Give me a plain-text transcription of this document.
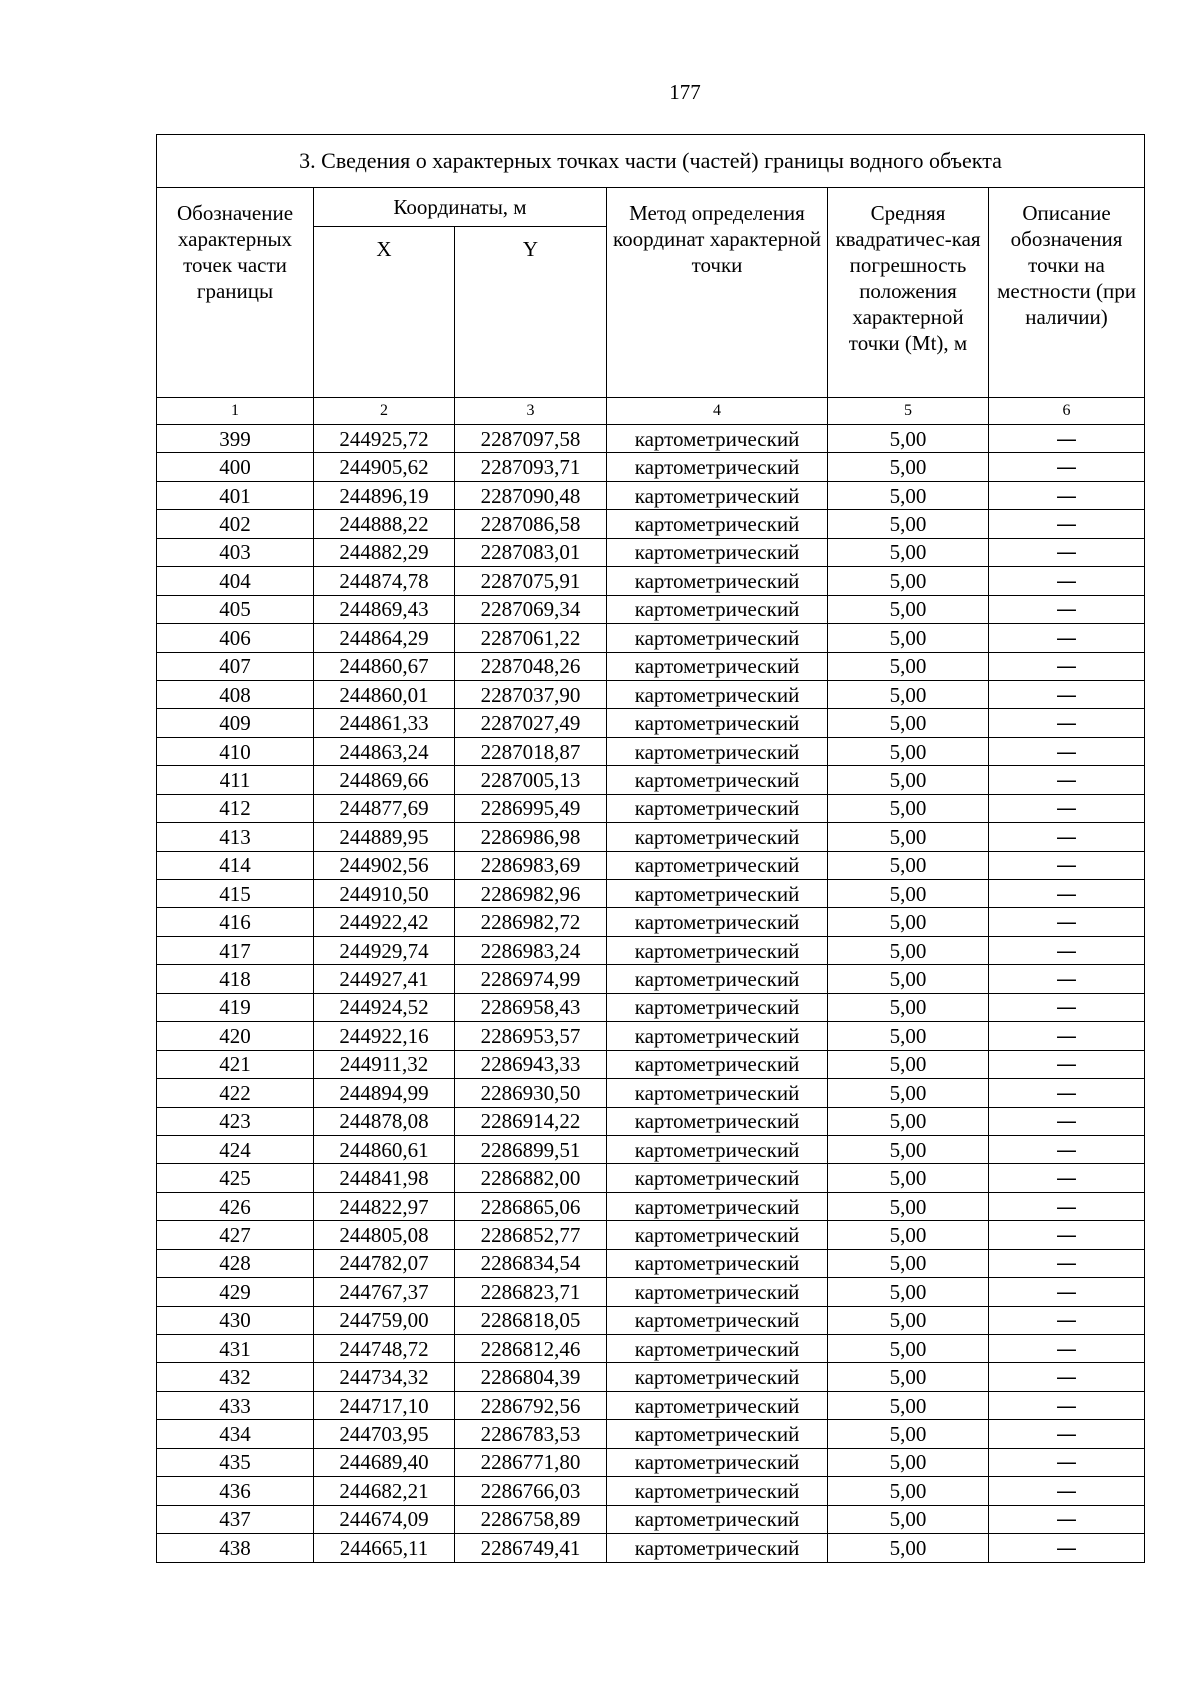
177
3. Сведения о характерных точках части (частей) границы водного объекта					
Обозначение характерных точек части границы	Координаты, м		Метод определения координат характерной точки	Средняя квадратичес-кая погрешность положения характерной точки (Mt), м	Описание обозначения точки на местности (при наличии)
	X	Y			
1	2	3	4	5	6
399	244925,72	2287097,58	картометрический	5,00	—
400	244905,62	2287093,71	картометрический	5,00	—
401	244896,19	2287090,48	картометрический	5,00	—
402	244888,22	2287086,58	картометрический	5,00	—
403	244882,29	2287083,01	картометрический	5,00	—
404	244874,78	2287075,91	картометрический	5,00	—
405	244869,43	2287069,34	картометрический	5,00	—
406	244864,29	2287061,22	картометрический	5,00	—
407	244860,67	2287048,26	картометрический	5,00	—
408	244860,01	2287037,90	картометрический	5,00	—
409	244861,33	2287027,49	картометрический	5,00	—
410	244863,24	2287018,87	картометрический	5,00	—
411	244869,66	2287005,13	картометрический	5,00	—
412	244877,69	2286995,49	картометрический	5,00	—
413	244889,95	2286986,98	картометрический	5,00	—
414	244902,56	2286983,69	картометрический	5,00	—
415	244910,50	2286982,96	картометрический	5,00	—
416	244922,42	2286982,72	картометрический	5,00	—
417	244929,74	2286983,24	картометрический	5,00	—
418	244927,41	2286974,99	картометрический	5,00	—
419	244924,52	2286958,43	картометрический	5,00	—
420	244922,16	2286953,57	картометрический	5,00	—
421	244911,32	2286943,33	картометрический	5,00	—
422	244894,99	2286930,50	картометрический	5,00	—
423	244878,08	2286914,22	картометрический	5,00	—
424	244860,61	2286899,51	картометрический	5,00	—
425	244841,98	2286882,00	картометрический	5,00	—
426	244822,97	2286865,06	картометрический	5,00	—
427	244805,08	2286852,77	картометрический	5,00	—
428	244782,07	2286834,54	картометрический	5,00	—
429	244767,37	2286823,71	картометрический	5,00	—
430	244759,00	2286818,05	картометрический	5,00	—
431	244748,72	2286812,46	картометрический	5,00	—
432	244734,32	2286804,39	картометрический	5,00	—
433	244717,10	2286792,56	картометрический	5,00	—
434	244703,95	2286783,53	картометрический	5,00	—
435	244689,40	2286771,80	картометрический	5,00	—
436	244682,21	2286766,03	картометрический	5,00	—
437	244674,09	2286758,89	картометрический	5,00	—
438	244665,11	2286749,41	картометрический	5,00	—
